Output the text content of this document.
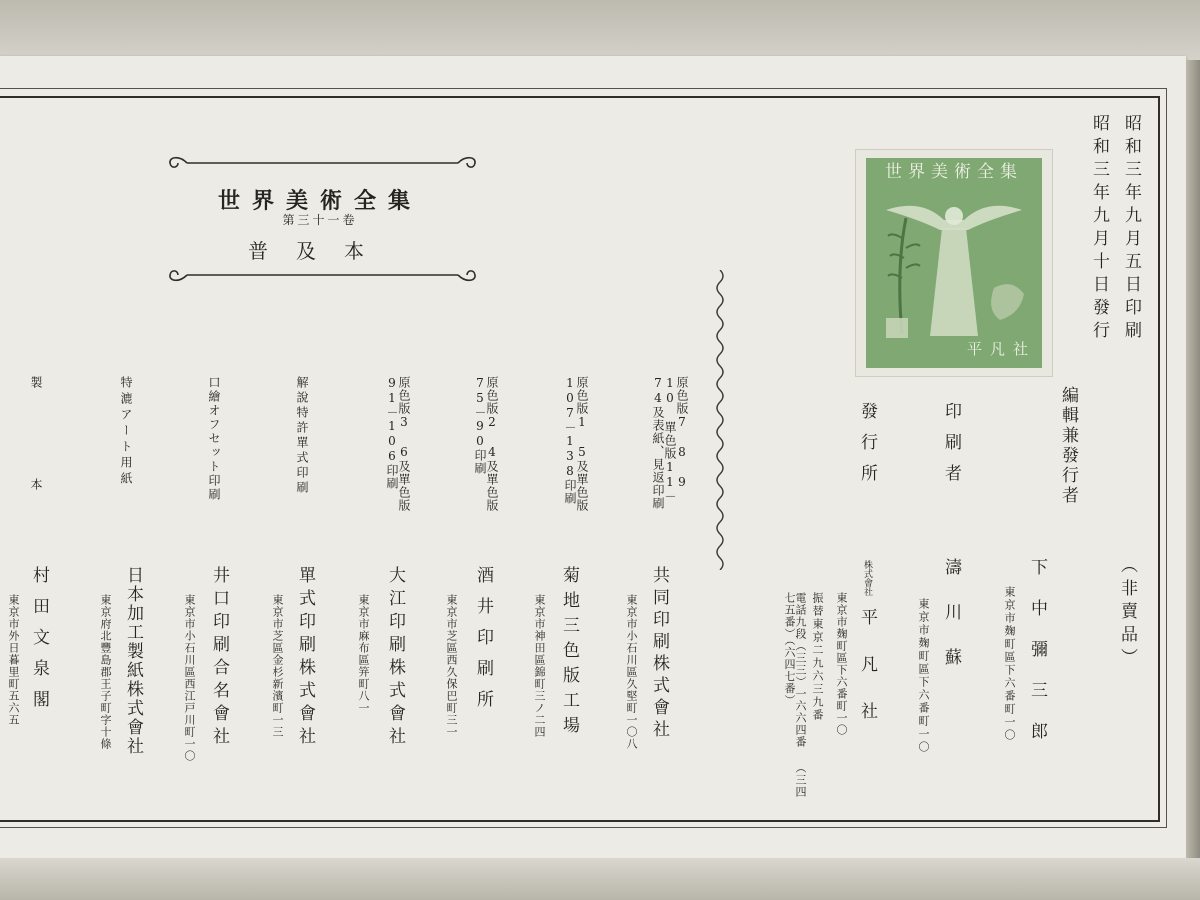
世界美術全集
第三十一卷
普及本
世界美術全集
平凡社
昭和三年九月五日印刷
昭和三年九月十日發行
（非賣品）
編輯兼發行者
印刷者
發行所
下中彌三郎
東京市麹町區下六番町一〇
濤川蘇
東京市麹町區下六番町一〇
株式會社
平凡社
東京市麹町區下六番町一〇
振替東京二九六三九番
電話九段（三三）一六六四番 （三四七五番）（六四七番）
原色版7 8 9 10 單色版11－74及表紙、見返印刷
共同印刷株式會社
東京市小石川區久堅町一〇八
原色版1 5及單色版107－138印刷
菊地三色版工場
東京市神田區錦町三ノ二四
原色版2 4及單色版75－90印刷
酒井印刷所
東京市芝區西久保巴町三一
原色版3 6及單色版91－106印刷
大江印刷株式會社
東京市麻布區笄町八一
解說特許單式印刷
單式印刷株式會社
東京市芝區金杉新濱町一三
口繪オフセット印刷
井口印刷合名會社
東京市小石川區西江戸川町一〇
特漉アート用紙
日本加工製紙株式會社
東京府北豐島郡王子町字十條
製本
村田文泉閣
東京市外日暮里町五六五
